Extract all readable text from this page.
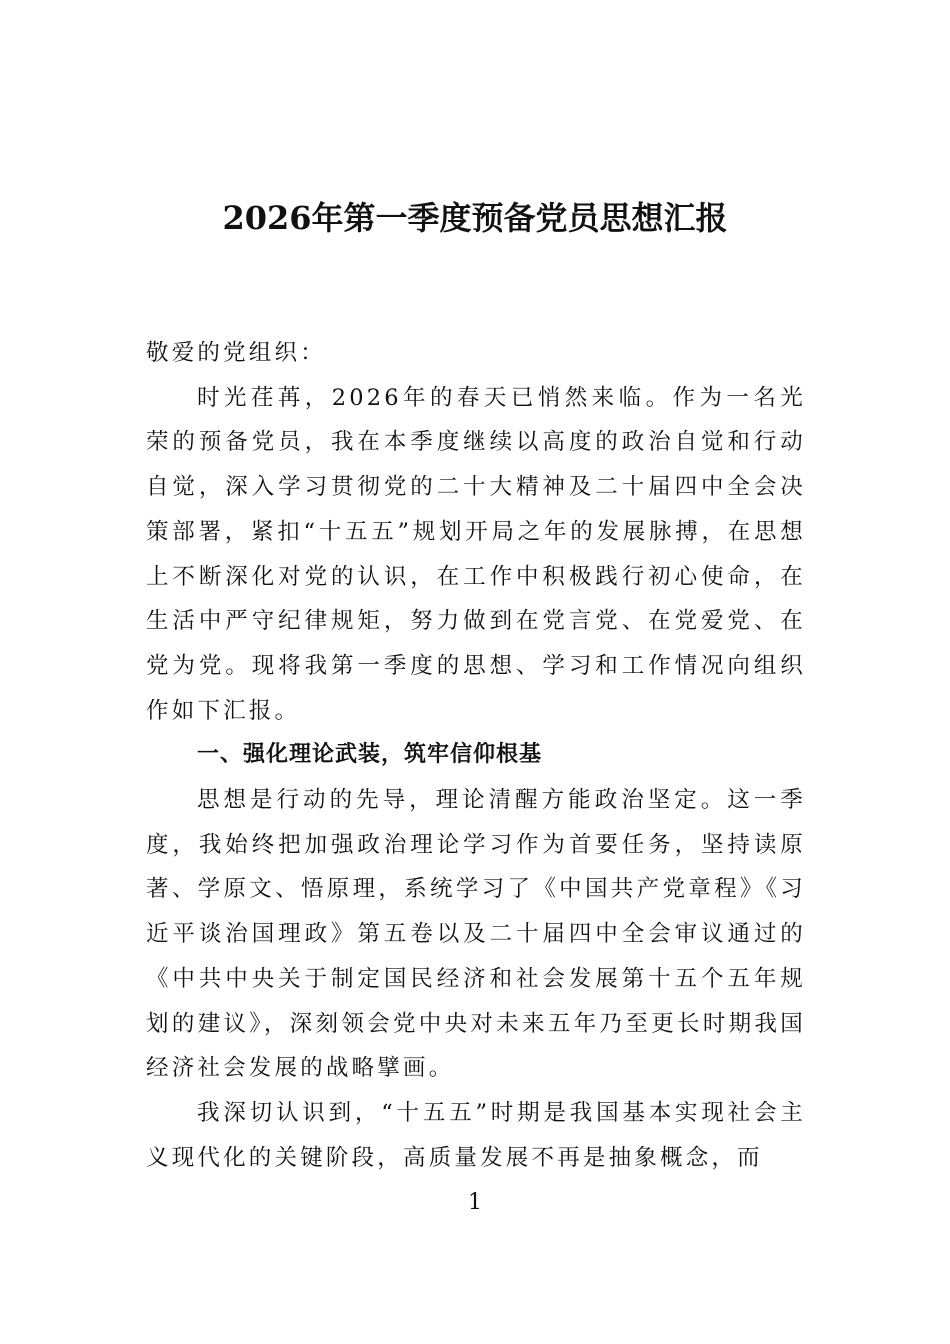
2026年第一季度预备党员思想汇报

敬爱的党组织：

时光荏苒，2026年的春天已悄然来临。作为一名光荣的预备党员，我在本季度继续以高度的政治自觉和行动自觉，深入学习贯彻党的二十大精神及二十届四中全会决策部署，紧扣“十五五”规划开局之年的发展脉搏，在思想上不断深化对党的认识，在工作中积极践行初心使命，在生活中严守纪律规矩，努力做到在党言党、在党爱党、在党为党。现将我第一季度的思想、学习和工作情况向组织作如下汇报。

一、强化理论武装，筑牢信仰根基

思想是行动的先导，理论清醒方能政治坚定。这一季度，我始终把加强政治理论学习作为首要任务，坚持读原著、学原文、悟原理，系统学习了《中国共产党章程》《习近平谈治国理政》第五卷以及二十届四中全会审议通过的《中共中央关于制定国民经济和社会发展第十五个五年规划的建议》，深刻领会党中央对未来五年乃至更长时期我国经济社会发展的战略擘画。

我深切认识到，“十五五”时期是我国基本实现社会主义现代化的关键阶段，高质量发展不再是抽象概念，而

1
